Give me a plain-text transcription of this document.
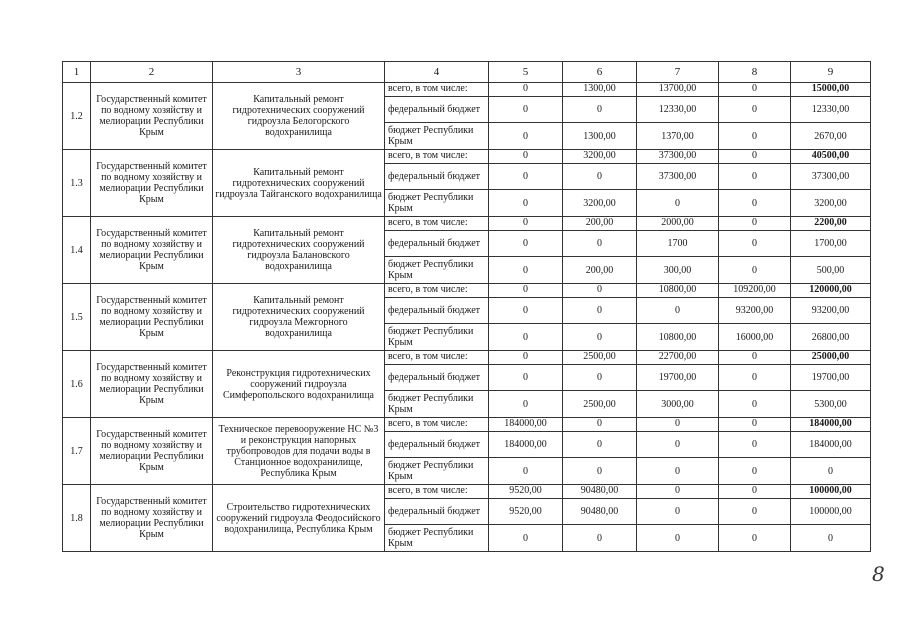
1	2	3	4	5	6	7	8	9
1.2	Государственный комитет по водному хозяйству и мелиорации Республики Крым	Капитальный ремонт гидротехнических сооружений гидроузла Белогорского водохранилища	всего, в том числе:	0	1300,00	13700,00	0	15000,00
			федеральный бюджет	0	0	12330,00	0	12330,00
			бюджет Республики Крым	0	1300,00	1370,00	0	2670,00
1.3	Государственный комитет по водному хозяйству и мелиорации Республики Крым	Капитальный ремонт гидротехнических сооружений гидроузла Тайганского водохранилища	всего, в том числе:	0	3200,00	37300,00	0	40500,00
			федеральный бюджет	0	0	37300,00	0	37300,00
			бюджет Республики Крым	0	3200,00	0	0	3200,00
1.4	Государственный комитет по водному хозяйству и мелиорации Республики Крым	Капитальный ремонт гидротехнических сооружений гидроузла Балановского водохранилища	всего, в том числе:	0	200,00	2000,00	0	2200,00
			федеральный бюджет	0	0	1700	0	1700,00
			бюджет Республики Крым	0	200,00	300,00	0	500,00
1.5	Государственный комитет по водному хозяйству и мелиорации Республики Крым	Капитальный ремонт гидротехнических сооружений гидроузла Межгорного водохранилища	всего, в том числе:	0	0	10800,00	109200,00	120000,00
			федеральный бюджет	0	0	0	93200,00	93200,00
			бюджет Республики Крым	0	0	10800,00	16000,00	26800,00
1.6	Государственный комитет по водному хозяйству и мелиорации Республики Крым	Реконструкция гидротехнических сооружений гидроузла Симферопольского водохранилища	всего, в том числе:	0	2500,00	22700,00	0	25000,00
			федеральный бюджет	0	0	19700,00	0	19700,00
			бюджет Республики Крым	0	2500,00	3000,00	0	5300,00
1.7	Государственный комитет по водному хозяйству и мелиорации Республики Крым	Техническое перевооружение НС №3 и реконструкция напорных трубопроводов для подачи воды в Станционное водохранилище, Республика Крым	всего, в том числе:	184000,00	0	0	0	184000,00
			федеральный бюджет	184000,00	0	0	0	184000,00
			бюджет Республики Крым	0	0	0	0	0
1.8	Государственный комитет по водному хозяйству и мелиорации Республики Крым	Строительство гидротехнических сооружений гидроузла Феодосийского водохранилища, Республика Крым	всего, в том числе:	9520,00	90480,00	0	0	100000,00
			федеральный бюджет	9520,00	90480,00	0	0	100000,00
			бюджет Республики Крым	0	0	0	0	0
8
